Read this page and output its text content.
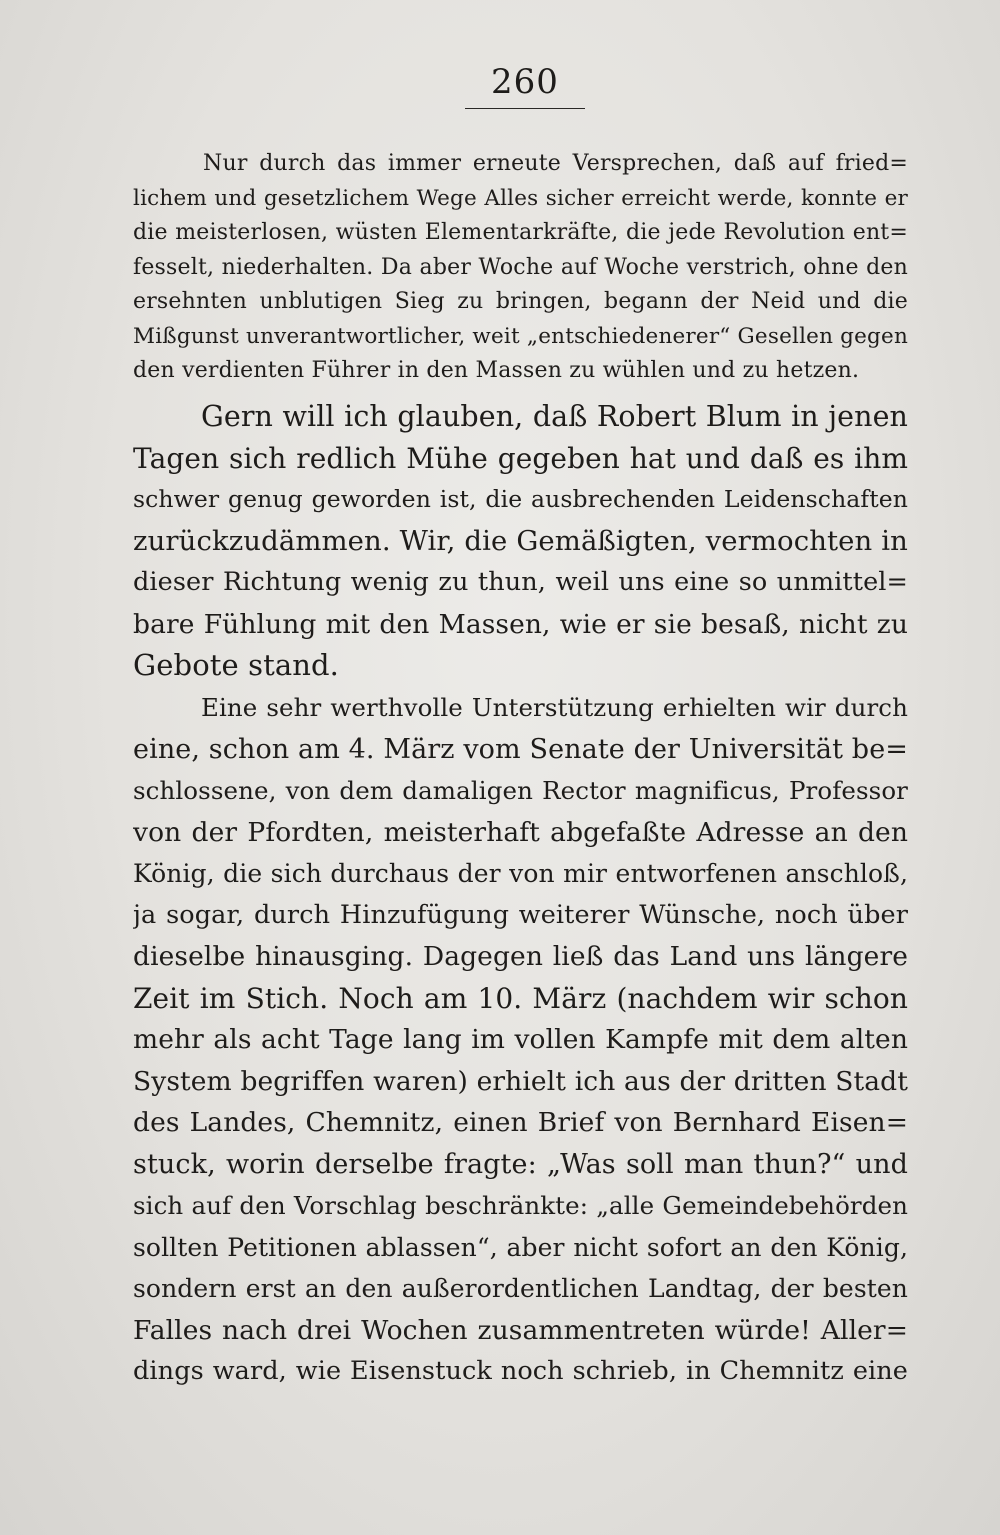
260
Nur durch das immer erneute Versprechen, daß auf fried=
lichem und gesetzlichem Wege Alles sicher erreicht werde, konnte er
die meisterlosen, wüsten Elementarkräfte, die jede Revolution ent=
fesselt, niederhalten. Da aber Woche auf Woche verstrich, ohne den
ersehnten unblutigen Sieg zu bringen, begann der Neid und die
Mißgunst unverantwortlicher, weit „entschiedenerer“ Gesellen gegen
den verdienten Führer in den Massen zu wühlen und zu hetzen.
Gern will ich glauben, daß Robert Blum in jenen
Tagen sich redlich Mühe gegeben hat und daß es ihm
schwer genug geworden ist, die ausbrechenden Leidenschaften
zurückzudämmen. Wir, die Gemäßigten, vermochten in
dieser Richtung wenig zu thun, weil uns eine so unmittel=
bare Fühlung mit den Massen, wie er sie besaß, nicht zu
Gebote stand.
Eine sehr werthvolle Unterstützung erhielten wir durch
eine, schon am 4. März vom Senate der Universität be=
schlossene, von dem damaligen Rector magnificus, Professor
von der Pfordten, meisterhaft abgefaßte Adresse an den
König, die sich durchaus der von mir entworfenen anschloß,
ja sogar, durch Hinzufügung weiterer Wünsche, noch über
dieselbe hinausging. Dagegen ließ das Land uns längere
Zeit im Stich. Noch am 10. März (nachdem wir schon
mehr als acht Tage lang im vollen Kampfe mit dem alten
System begriffen waren) erhielt ich aus der dritten Stadt
des Landes, Chemnitz, einen Brief von Bernhard Eisen=
stuck, worin derselbe fragte: „Was soll man thun?“ und
sich auf den Vorschlag beschränkte: „alle Gemeindebehörden
sollten Petitionen ablassen“, aber nicht sofort an den König,
sondern erst an den außerordentlichen Landtag, der besten
Falles nach drei Wochen zusammentreten würde! Aller=
dings ward, wie Eisenstuck noch schrieb, in Chemnitz eine
